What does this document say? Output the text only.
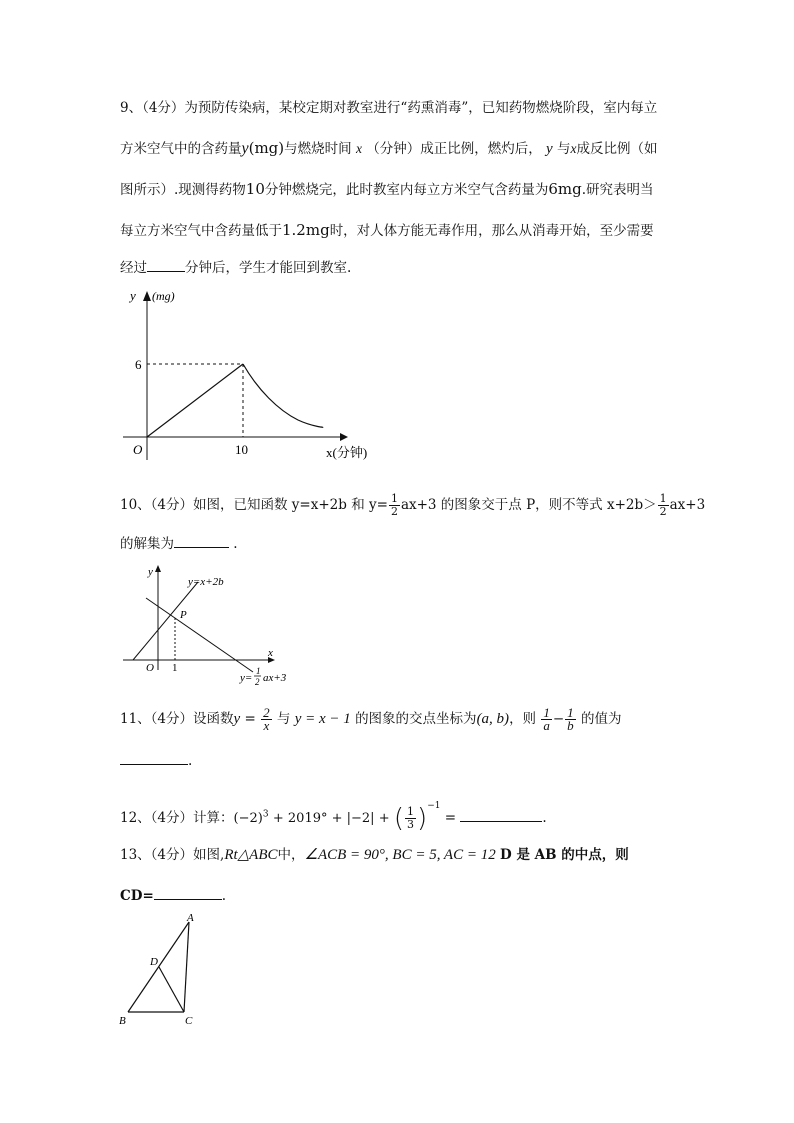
9、（4分）为预防传染病，某校定期对教室进行“药熏消毒”，已知药物燃烧阶段，室内每立
方米空气中的含药量y(mg)与燃烧时间 x （分钟）成正比例，燃灼后， y 与x成反比例（如
图所示）.现测得药物10分钟燃烧完，此时教室内每立方米空气含药量为6mg.研究表明当
每立方米空气中含药量低于1.2mg时，对人体方能无毒作用，那么从消毒开始，至少需要
经过	分钟后，学生才能回到教室.
y (mg)
6
10
O	x(分钟)
10、（4分）如图，已知函数 y=x+2b 和 $y= \frac{1}{2} ax+3$ 的图象交于点 P，则不等式 $x+2b> \frac{1}{2} ax+3$
的解集为	.
y
x
y=x+2b
P
O 1
y=
1
2 ax+3
11、（4分）设函数$y = \frac{2}{x}$ 与 y = x − 1 的图象的交点坐标为(a, b)，则 $\frac{1}{a} - \frac{1}{b}$ 的值为
.
12、（4分）计算：$(-2)^3 + 2019^\circ + |-2|$ + ( $\frac{1}{3} )^{-1}$ =	.
13、（4分）如图,Rt△ABC中，∠ACB = 90°, BC = 5, AC = 12 D 是 AB 的中点，则
CD=	.
A
D
B	C
